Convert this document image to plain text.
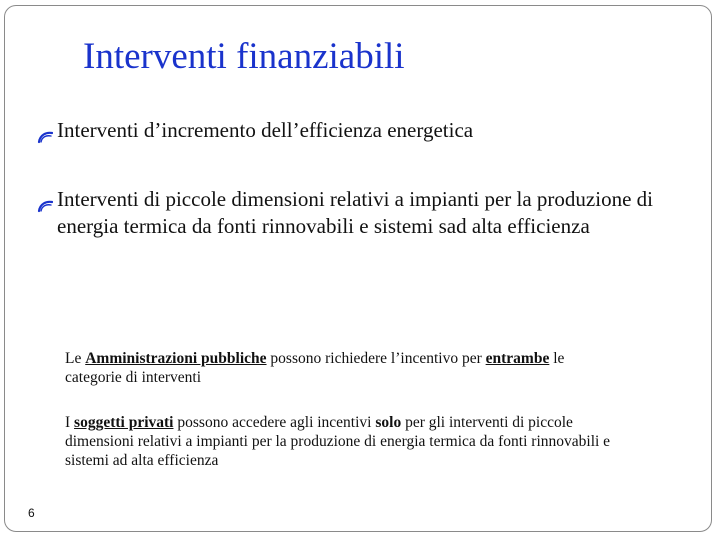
Interventi finanziabili
Interventi d’incremento dell’efficienza energetica
Interventi di piccole dimensioni relativi a impianti per la produzione di energia termica da fonti rinnovabili e sistemi sad alta efficienza
Le Amministrazioni pubbliche possono richiedere l’incentivo per entrambe le categorie di interventi
I soggetti privati possono accedere agli incentivi solo per gli interventi di piccole dimensioni relativi a impianti per la produzione di energia termica da fonti rinnovabili e sistemi ad alta efficienza
6
